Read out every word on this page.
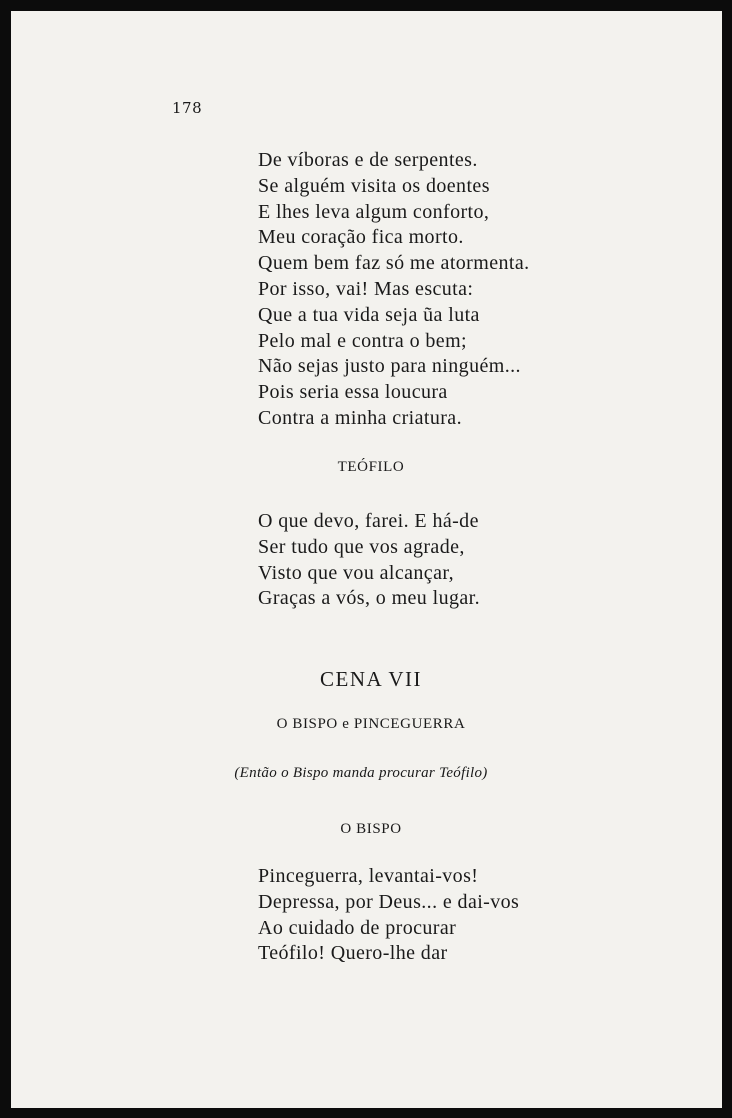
178
De víboras e de serpentes.
Se alguém visita os doentes
E lhes leva algum conforto,
Meu coração fica morto.
Quem bem faz só me atormenta.
Por isso, vai! Mas escuta:
Que a tua vida seja ũa luta
Pelo mal e contra o bem;
Não sejas justo para ninguém...
Pois seria essa loucura
Contra a minha criatura.
TEÓFILO
O que devo, farei. E há-de
Ser tudo que vos agrade,
Visto que vou alcançar,
Graças a vós, o meu lugar.
CENA VII
O BISPO e PINCEGUERRA
(Então o Bispo manda procurar Teófilo)
O BISPO
Pinceguerra, levantai-vos!
Depressa, por Deus... e dai-vos
Ao cuidado de procurar
Teófilo! Quero-lhe dar
